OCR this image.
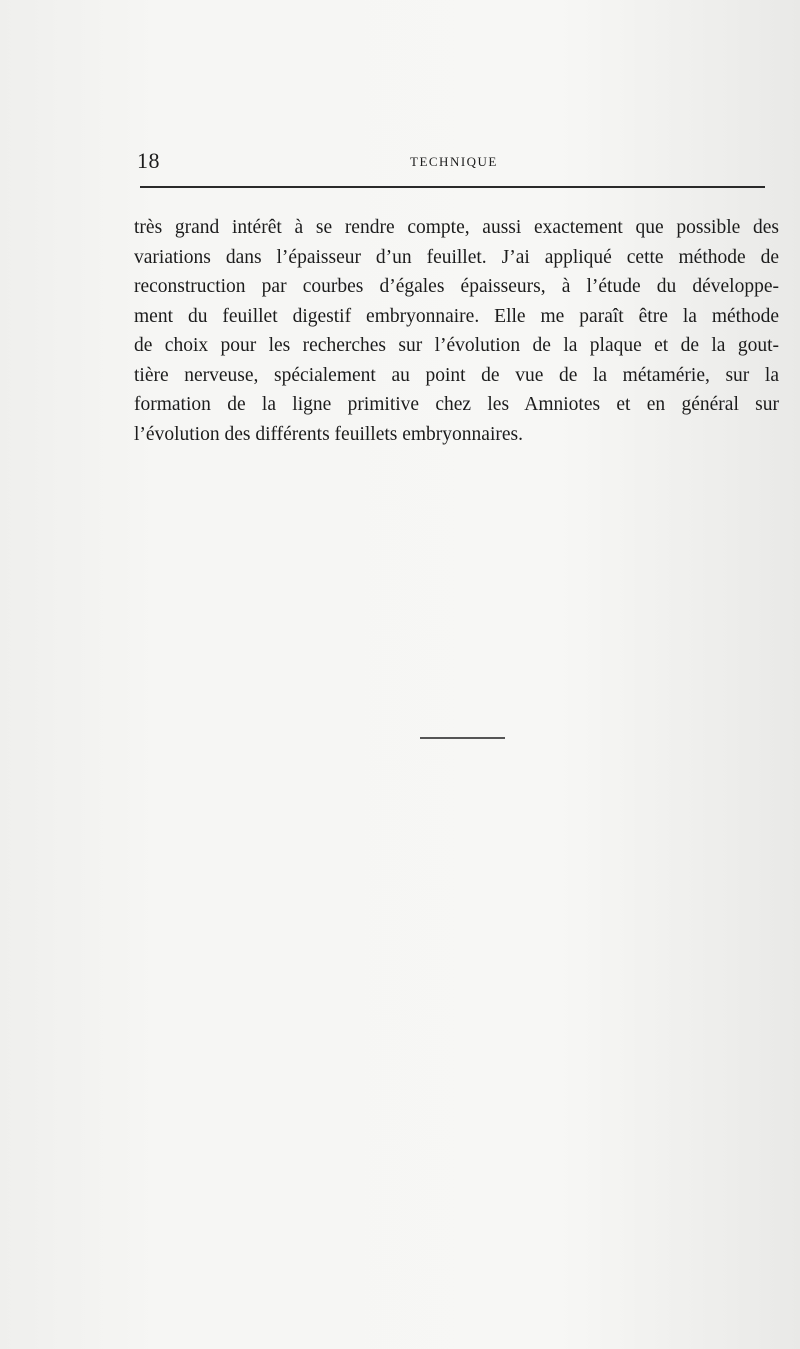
18	TECHNIQUE
très grand intérêt à se rendre compte, aussi exactement que possible des
variations dans l’épaisseur d’un feuillet. J’ai appliqué cette méthode de
reconstruction par courbes d’égales épaisseurs, à l’étude du développe-
ment du feuillet digestif embryonnaire. Elle me paraît être la méthode
de choix pour les recherches sur l’évolution de la plaque et de la gout-
tière nerveuse, spécialement au point de vue de la métamérie, sur la
formation de la ligne primitive chez les Amniotes et en général sur
l’évolution des différents feuillets embryonnaires.
